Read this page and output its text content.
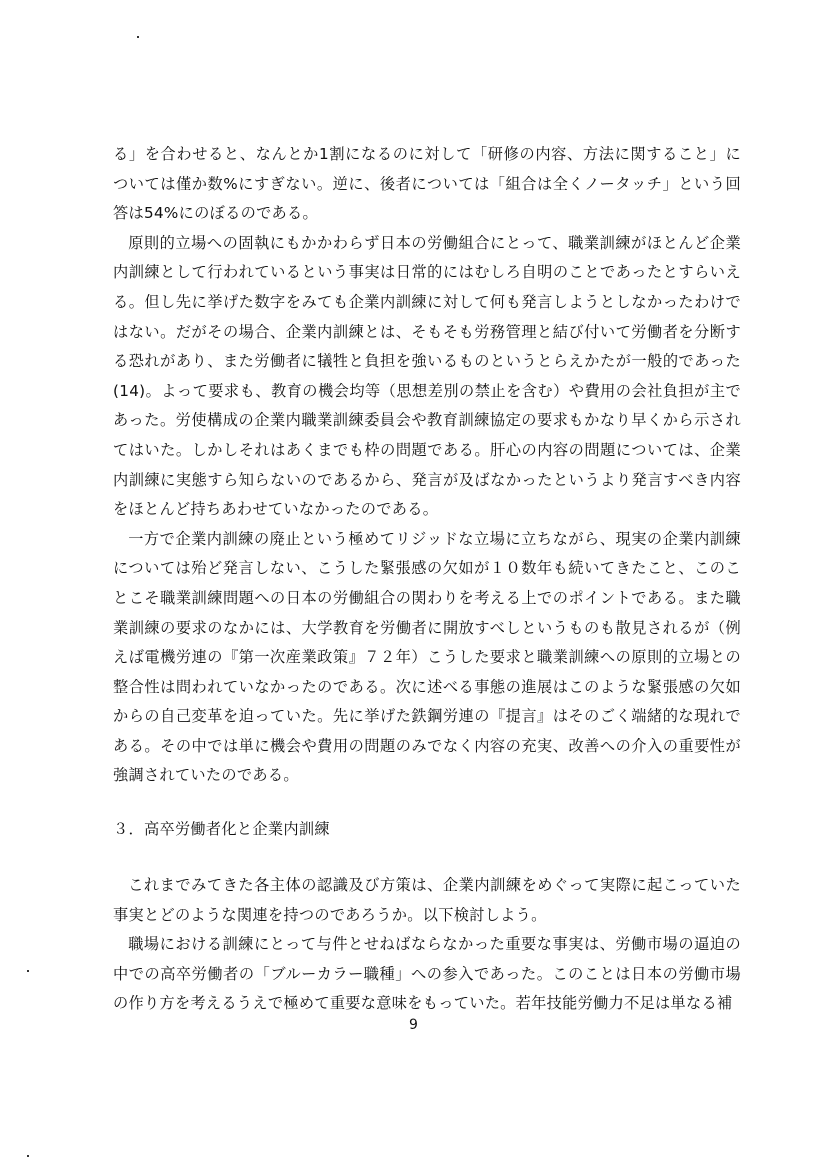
る」を合わせると、なんとか1割になるのに対して「研修の内容、方法に関すること」については僅か数%にすぎない。逆に、後者については「組合は全くノータッチ」という回答は54%にのぼるのである。

原則的立場への固執にもかかわらず日本の労働組合にとって、職業訓練がほとんど企業内訓練として行われているという事実は日常的にはむしろ自明のことであったとすらいえる。但し先に挙げた数字をみても企業内訓練に対して何も発言しようとしなかったわけではない。だがその場合、企業内訓練とは、そもそも労務管理と結び付いて労働者を分断する恐れがあり、また労働者に犠牲と負担を強いるものというとらえかたが一般的であった(14)。よって要求も、教育の機会均等（思想差別の禁止を含む）や費用の会社負担が主であった。労使構成の企業内職業訓練委員会や教育訓練協定の要求もかなり早くから示されてはいた。しかしそれはあくまでも枠の問題である。肝心の内容の問題については、企業内訓練に実態すら知らないのであるから、発言が及ばなかったというより発言すべき内容をほとんど持ちあわせていなかったのである。

一方で企業内訓練の廃止という極めてリジッドな立場に立ちながら、現実の企業内訓練については殆ど発言しない、こうした緊張感の欠如が１０数年も続いてきたこと、このことこそ職業訓練問題への日本の労働組合の関わりを考える上でのポイントである。また職業訓練の要求のなかには、大学教育を労働者に開放すべしというものも散見されるが（例えば電機労連の『第一次産業政策』７２年）こうした要求と職業訓練への原則的立場との整合性は問われていなかったのである。次に述べる事態の進展はこのような緊張感の欠如からの自己変革を迫っていた。先に挙げた鉄鋼労連の『提言』はそのごく端緒的な現れである。その中では単に機会や費用の問題のみでなく内容の充実、改善への介入の重要性が強調されていたのである。

３．高卒労働者化と企業内訓練

これまでみてきた各主体の認識及び方策は、企業内訓練をめぐって実際に起こっていた事実とどのような関連を持つのであろうか。以下検討しよう。

職場における訓練にとって与件とせねばならなかった重要な事実は、労働市場の逼迫の中での高卒労働者の「ブルーカラー職種」への参入であった。このことは日本の労働市場の作り方を考えるうえで極めて重要な意味をもっていた。若年技能労働力不足は単なる補

9
